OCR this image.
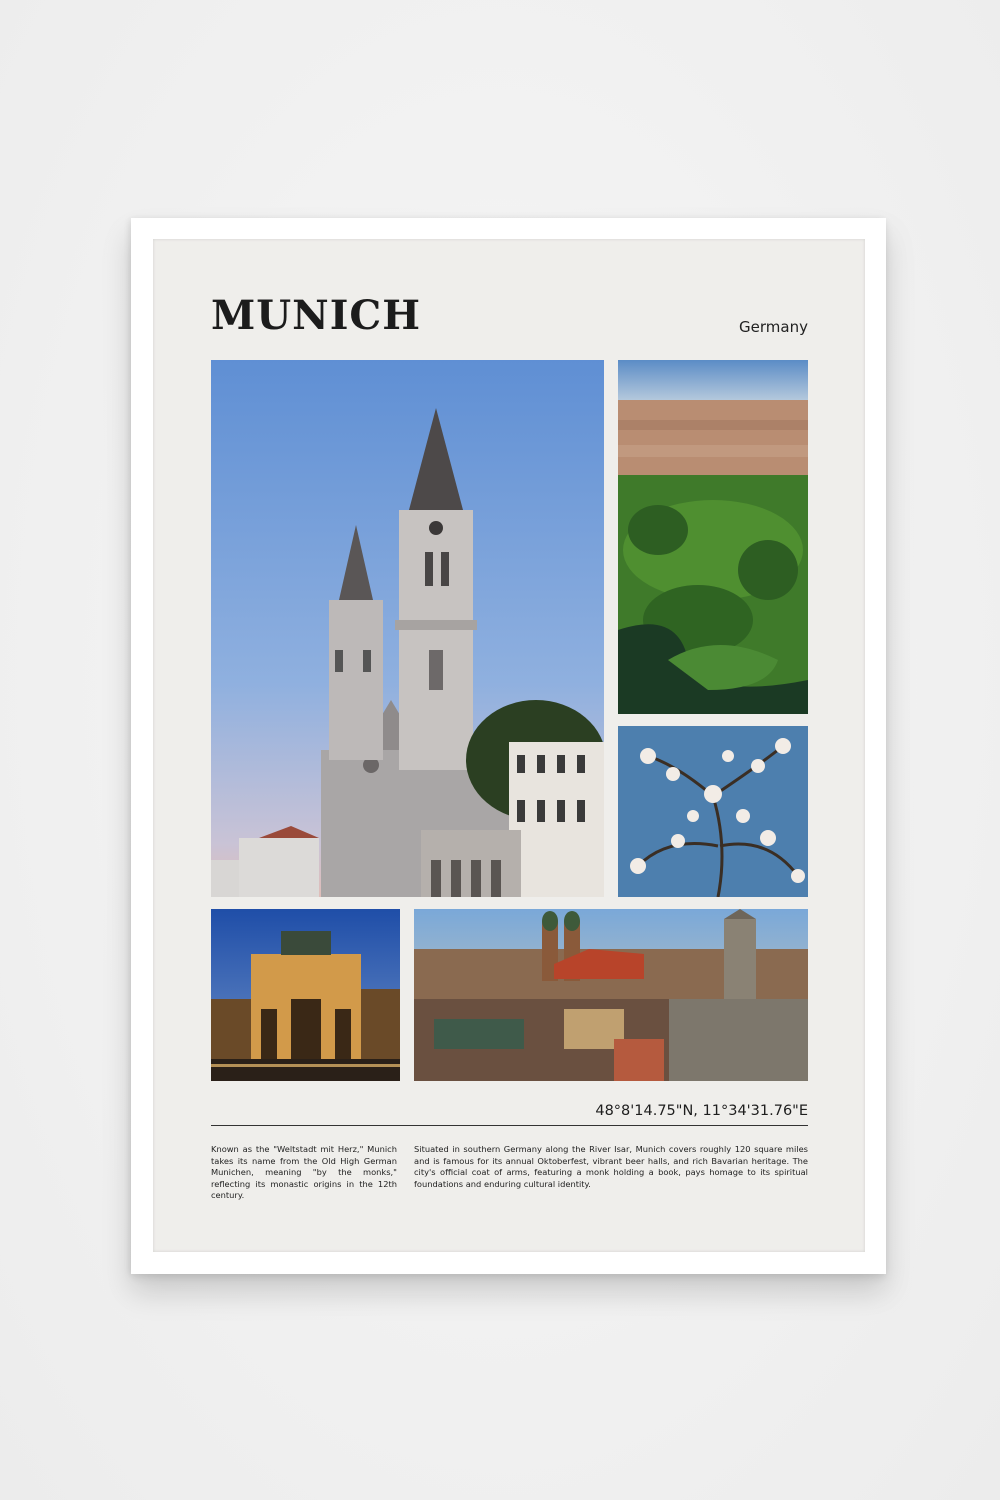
MUNICH	Germany
48°8'14.75"N, 11°34'31.76"E

Known as the "Weltstadt mit Herz," Munich takes its name from the Old High German Munichen, meaning "by the monks," reflecting its monastic origins in the 12th century.

Situated in southern Germany along the River Isar, Munich covers roughly 120 square miles and is famous for its annual Oktoberfest, vibrant beer halls, and rich Bavarian heritage. The city's official coat of arms, featuring a monk holding a book, pays homage to its spiritual foundations and enduring cultural identity.
